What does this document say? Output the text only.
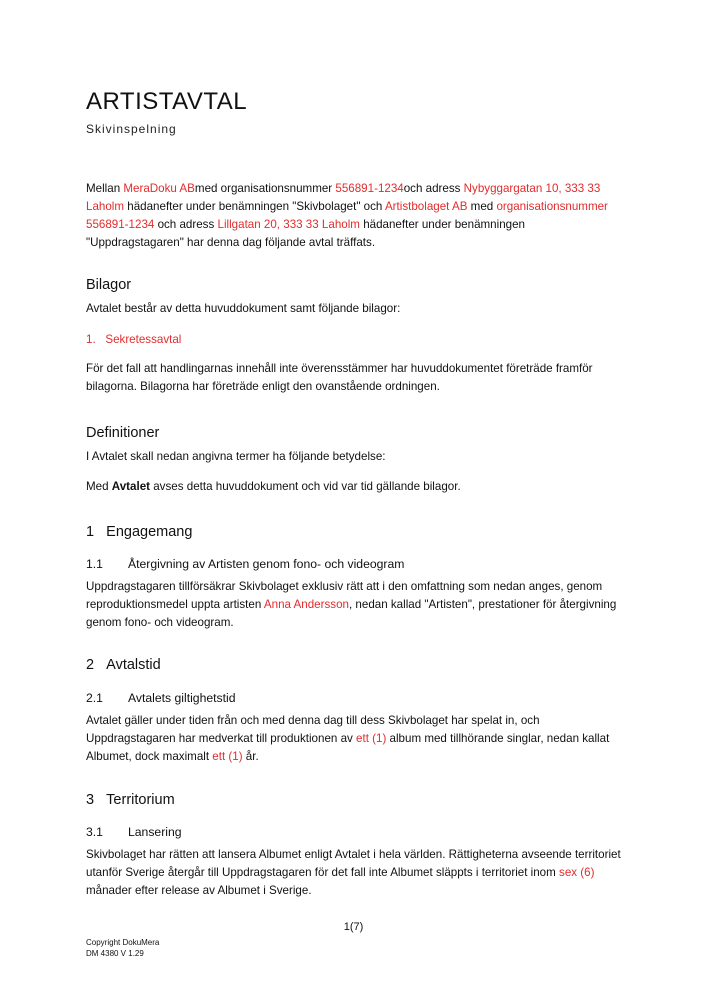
ARTISTAVTAL
Skivinspelning

Mellan MeraDoku ABmed organisationsnummer 556891-1234och adress Nybyggargatan 10, 333 33 Laholm hädanefter under benämningen "Skivbolaget" och Artistbolaget AB med organisationsnummer 556891-1234 och adress Lillgatan 20, 333 33 Laholm hädanefter under benämningen "Uppdragstagaren" har denna dag följande avtal träffats.

Bilagor

Avtalet består av detta huvuddokument samt följande bilagor:

1. Sekretessavtal

För det fall att handlingarnas innehåll inte överensstämmer har huvuddokumentet företräde framför bilagorna. Bilagorna har företräde enligt den ovanstående ordningen.

Definitioner

I Avtalet skall nedan angivna termer ha följande betydelse:

Med Avtalet avses detta huvuddokument och vid var tid gällande bilagor.

1 Engagemang
1.1 Återgivning av Artisten genom fono- och videogram

Uppdragstagaren tillförsäkrar Skivbolaget exklusiv rätt att i den omfattning som nedan anges, genom reproduktionsmedel uppta artisten Anna Andersson, nedan kallad "Artisten", prestationer för återgivning genom fono- och videogram.

2 Avtalstid
2.1 Avtalets giltighetstid

Avtalet gäller under tiden från och med denna dag till dess Skivbolaget har spelat in, och Uppdragstagaren har medverkat till produktionen av ett (1) album med tillhörande singlar, nedan kallat Albumet, dock maximalt ett (1) år.

3 Territorium
3.1 Lansering

Skivbolaget har rätten att lansera Albumet enligt Avtalet i hela världen. Rättigheterna avseende territoriet utanför Sverige återgår till Uppdragstagaren för det fall inte Albumet släppts i territoriet inom sex (6) månader efter release av Albumet i Sverige.

1(7)
Copyright DokuMera
DM 4380 V 1.29
